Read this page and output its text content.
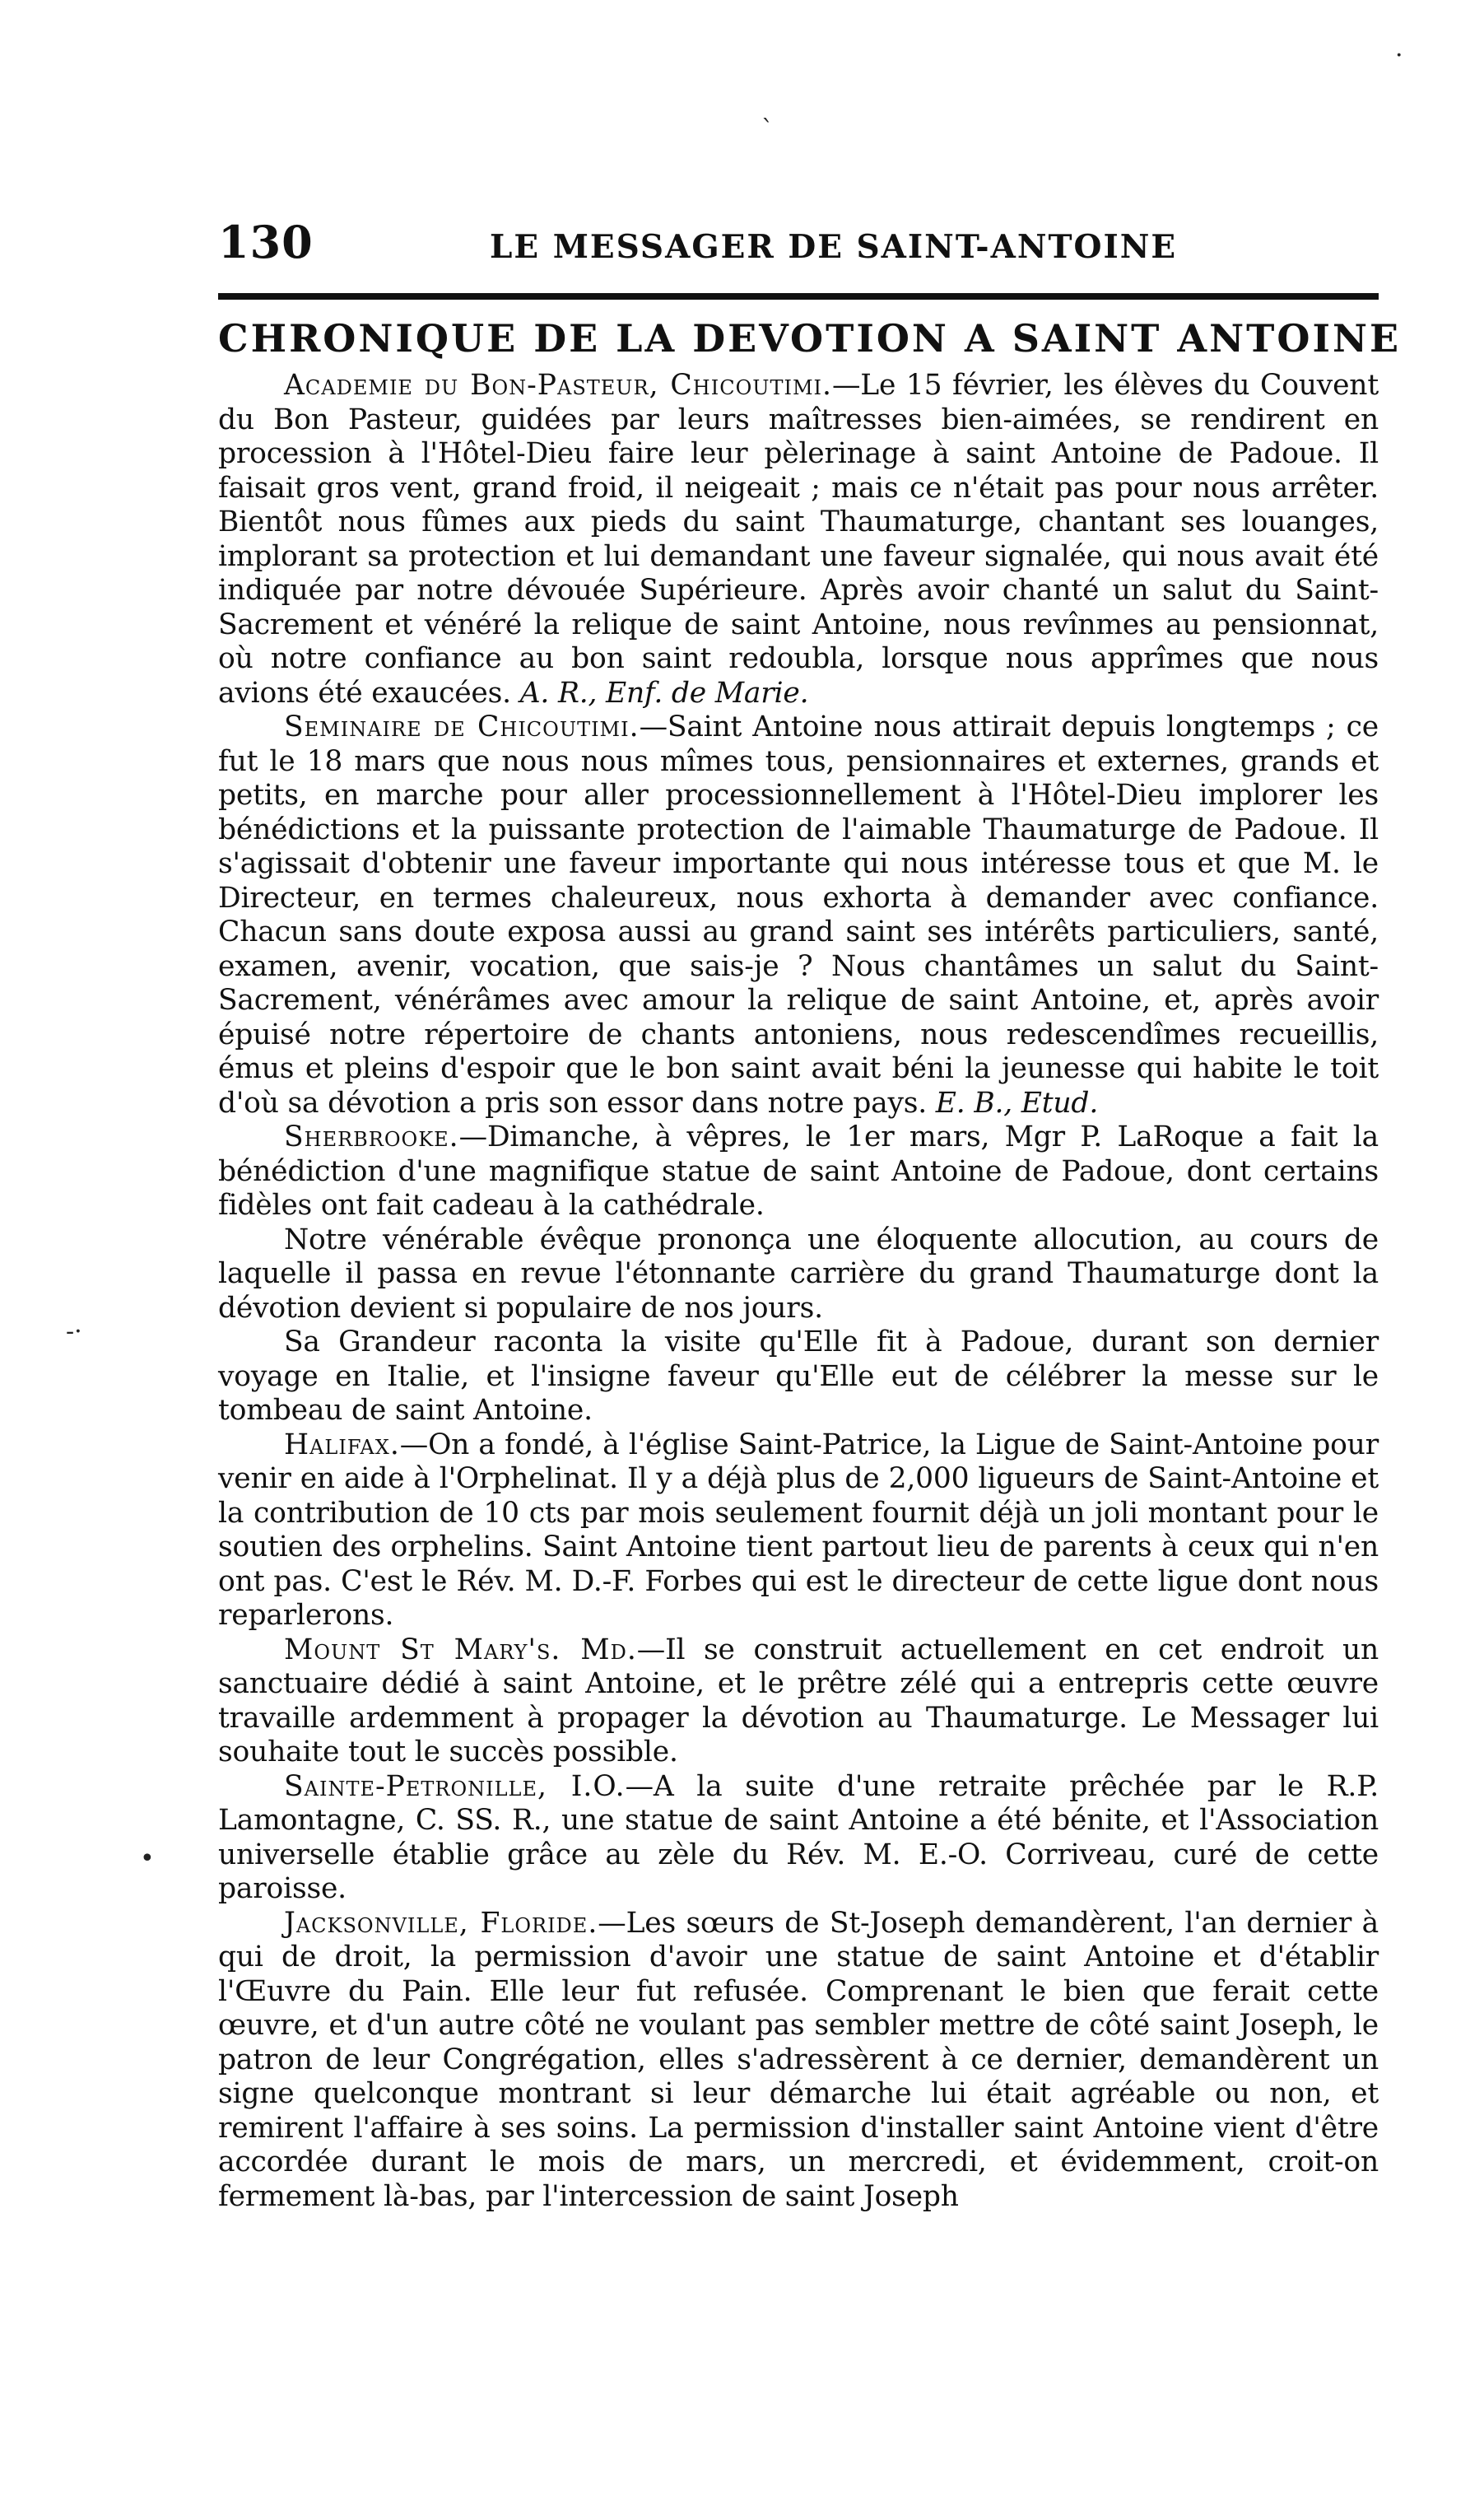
`
·
-·
•
130	LE MESSAGER DE SAINT-ANTOINE
CHRONIQUE DE LA DEVOTION A SAINT ANTOINE

Academie du Bon-Pasteur, Chicoutimi.—Le 15 février, les élèves du Couvent du Bon Pasteur, guidées par leurs maîtresses bien-aimées, se rendirent en procession à l'Hôtel-Dieu faire leur pèlerinage à saint Antoine de Padoue. Il faisait gros vent, grand froid, il neigeait ; mais ce n'était pas pour nous arrêter. Bientôt nous fûmes aux pieds du saint Thaumaturge, chantant ses louanges, implorant sa protection et lui demandant une faveur signalée, qui nous avait été indiquée par notre dévouée Supérieure. Après avoir chanté un salut du Saint-Sacrement et vénéré la relique de saint Antoine, nous revînmes au pensionnat, où notre confiance au bon saint redoubla, lorsque nous apprîmes que nous avions été exaucées. A. R., Enf. de Marie.

Seminaire de Chicoutimi.—Saint Antoine nous attirait depuis longtemps ; ce fut le 18 mars que nous nous mîmes tous, pensionnaires et externes, grands et petits, en marche pour aller processionnellement à l'Hôtel-Dieu implorer les bénédictions et la puissante protection de l'aimable Thaumaturge de Padoue. Il s'agissait d'obtenir une faveur importante qui nous intéresse tous et que M. le Directeur, en termes chaleureux, nous exhorta à demander avec confiance. Chacun sans doute exposa aussi au grand saint ses intérêts particuliers, santé, examen, avenir, vocation, que sais-je ? Nous chantâmes un salut du Saint-Sacrement, vénérâmes avec amour la relique de saint Antoine, et, après avoir épuisé notre répertoire de chants antoniens, nous redescendîmes recueillis, émus et pleins d'espoir que le bon saint avait béni la jeunesse qui habite le toit d'où sa dévotion a pris son essor dans notre pays. E. B., Etud.

Sherbrooke.—Dimanche, à vêpres, le 1er mars, Mgr P. LaRoque a fait la bénédiction d'une magnifique statue de saint Antoine de Padoue, dont certains fidèles ont fait cadeau à la cathédrale.

Notre vénérable évêque prononça une éloquente allocution, au cours de laquelle il passa en revue l'étonnante carrière du grand Thaumaturge dont la dévotion devient si populaire de nos jours.

Sa Grandeur raconta la visite qu'Elle fit à Padoue, durant son dernier voyage en Italie, et l'insigne faveur qu'Elle eut de célébrer la messe sur le tombeau de saint Antoine.

Halifax.—On a fondé, à l'église Saint-Patrice, la Ligue de Saint-Antoine pour venir en aide à l'Orphelinat. Il y a déjà plus de 2,000 ligueurs de Saint-Antoine et la contribution de 10 cts par mois seulement fournit déjà un joli montant pour le soutien des orphelins. Saint Antoine tient partout lieu de parents à ceux qui n'en ont pas. C'est le Rév. M. D.-F. Forbes qui est le directeur de cette ligue dont nous reparlerons.

Mount St Mary's. Md.—Il se construit actuellement en cet endroit un sanctuaire dédié à saint Antoine, et le prêtre zélé qui a entrepris cette œuvre travaille ardemment à propager la dévotion au Thaumaturge. Le Messager lui souhaite tout le succès possible.

Sainte-Petronille, I.O.—A la suite d'une retraite prêchée par le R.P. Lamontagne, C. SS. R., une statue de saint Antoine a été bénite, et l'Association universelle établie grâce au zèle du Rév. M. E.-O. Corriveau, curé de cette paroisse.

Jacksonville, Floride.—Les sœurs de St-Joseph demandèrent, l'an dernier à qui de droit, la permission d'avoir une statue de saint Antoine et d'établir l'Œuvre du Pain. Elle leur fut refusée. Comprenant le bien que ferait cette œuvre, et d'un autre côté ne voulant pas sembler mettre de côté saint Joseph, le patron de leur Congrégation, elles s'adressèrent à ce dernier, demandèrent un signe quelconque montrant si leur démarche lui était agréable ou non, et remirent l'affaire à ses soins. La permission d'installer saint Antoine vient d'être accordée durant le mois de mars, un mercredi, et évidemment, croit-on fermement là-bas, par l'intercession de saint Joseph
